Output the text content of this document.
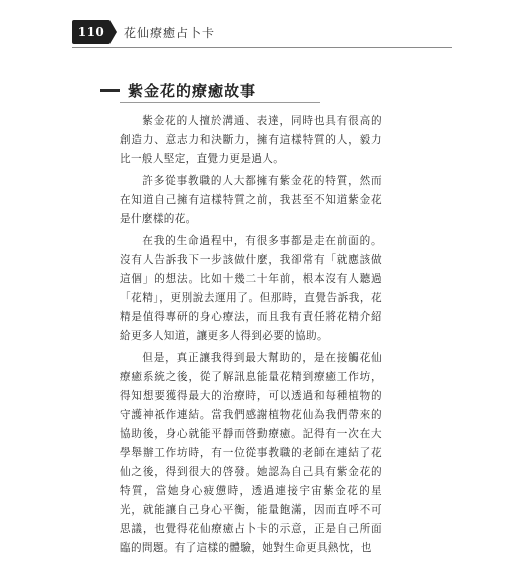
110	花仙療癒占卜卡
紫金花的療癒故事

紫金花的人擅於溝通、表達，同時也具有很高的創造力、意志力和決斷力，擁有這樣特質的人，毅力比一般人堅定，直覺力更是過人。

許多從事教職的人大都擁有紫金花的特質，然而在知道自己擁有這樣特質之前，我甚至不知道紫金花是什麼樣的花。

在我的生命過程中，有很多事都是走在前面的。沒有人告訴我下一步該做什麼，我卻常有「就應該做這個」的想法。比如十幾二十年前，根本沒有人聽過「花精」，更別說去運用了。但那時，直覺告訴我，花精是值得專研的身心療法，而且我有責任將花精介紹給更多人知道，讓更多人得到必要的協助。

但是，真正讓我得到最大幫助的，是在接觸花仙療癒系統之後，從了解訊息能量花精到療癒工作坊，得知想要獲得最大的治療時，可以透過和每種植物的守護神祇作連結。當我們感謝植物花仙為我們帶來的協助後，身心就能平靜而啓動療癒。記得有一次在大學舉辦工作坊時，有一位從事教職的老師在連結了花仙之後，得到很大的啓發。她認為自己具有紫金花的特質，當她身心疲憊時，透過連接宇宙紫金花的星光，就能讓自己身心平衡，能量飽滿，因而直呼不可思議，也覺得花仙療癒占卜卡的示意，正是自己所面臨的問題。有了這樣的體驗，她對生命更具熱忱，也
